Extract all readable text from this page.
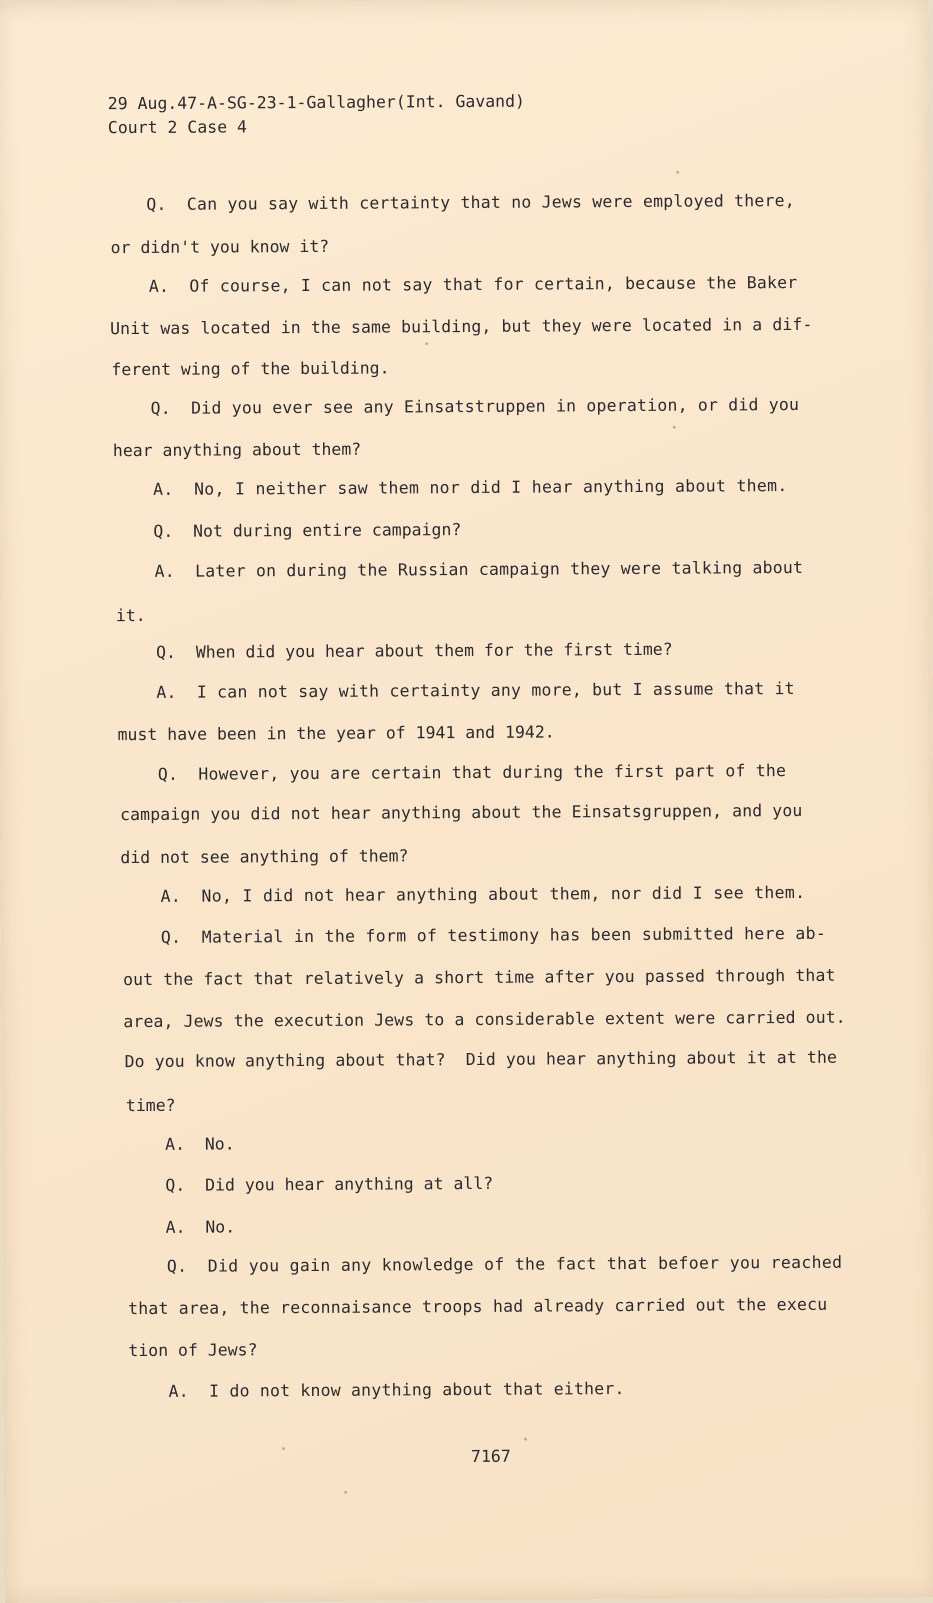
29 Aug.47-A-SG-23-1-Gallagher(Int. Gavand)
Court 2 Case 4
Q.  Can you say with certainty that no Jews were employed there,
or didn't you know it?
A.  Of course, I can not say that for certain, because the Baker
Unit was located in the same building, but they were located in a dif-
ferent wing of the building.
Q.  Did you ever see any Einsatstruppen in operation, or did you
hear anything about them?
A.  No, I neither saw them nor did I hear anything about them.
Q.  Not during entire campaign?
A.  Later on during the Russian campaign they were talking about
it.
Q.  When did you hear about them for the first time?
A.  I can not say with certainty any more, but I assume that it
must have been in the year of 1941 and 1942.
Q.  However, you are certain that during the first part of the
campaign you did not hear anything about the Einsatsgruppen, and you
did not see anything of them?
A.  No, I did not hear anything about them, nor did I see them.
Q.  Material in the form of testimony has been submitted here ab-
out the fact that relatively a short time after you passed through that
area, Jews the execution Jews to a considerable extent were carried out.
Do you know anything about that?  Did you hear anything about it at the
time?
A.  No.
Q.  Did you hear anything at all?
A.  No.
Q.  Did you gain any knowledge of the fact that befoer you reached
that area, the reconnaisance troops had already carried out the execu
tion of Jews?
A.  I do not know anything about that either.
7167
